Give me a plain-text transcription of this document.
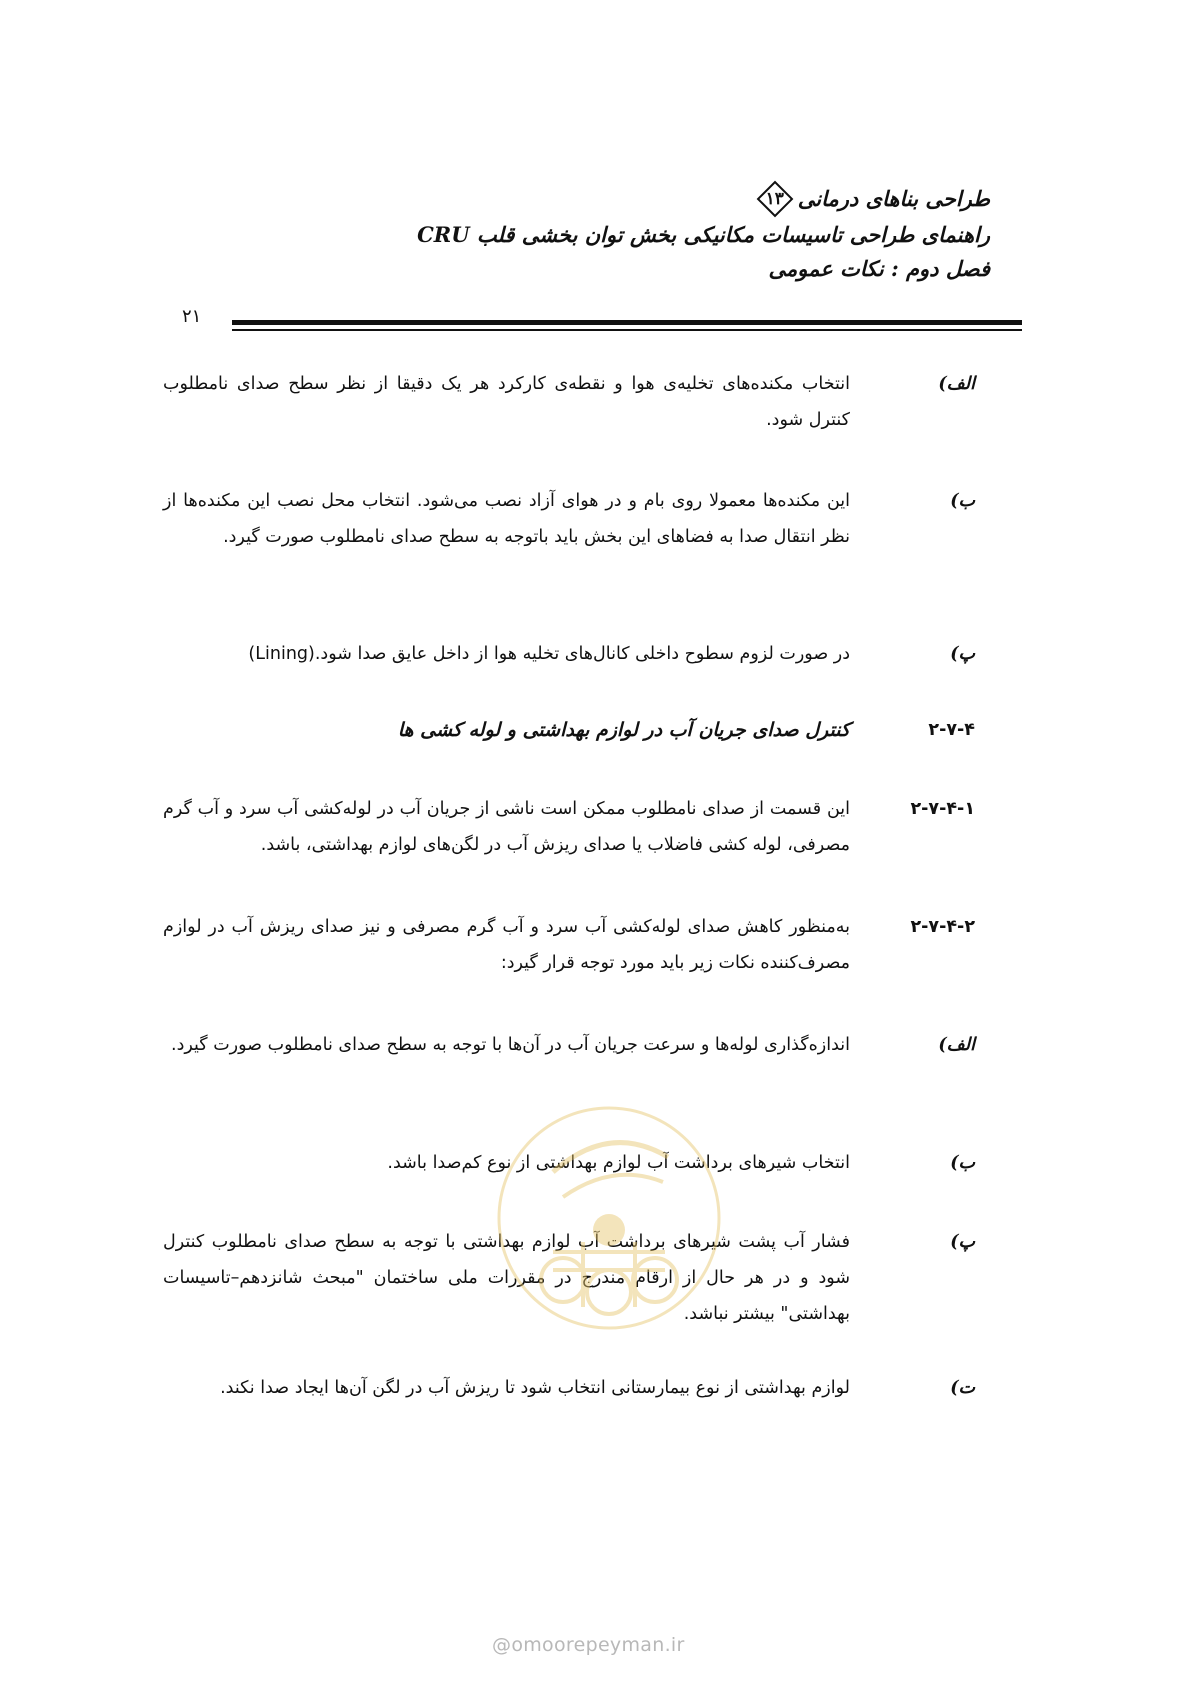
طراحی بناهای درمانی
۱۳
راهنمای طراحی تاسیسات مکانیکی بخش توان بخشی قلب CRU
فصل دوم : نکات عمومی
۲۱
الف)
انتخاب مکنده‌های تخلیه‌ی هوا و نقطه‌ی کارکرد هر یک دقیقا از نظر سطح صدای نامطلوب کنترل شود.
ب)
این مکنده‌ها معمولا روی بام و در هوای آزاد نصب می‌شود. انتخاب محل نصب این مکنده‌ها از نظر انتقال صدا به فضاهای این بخش باید باتوجه به سطح صدای نامطلوب صورت گیرد.
پ)
در صورت لزوم سطوح داخلی کانال‌های تخلیه هوا از داخل عایق صدا شود.(Lining)
۲-۷-۴
کنترل صدای جریان آب در لوازم بهداشتی و لوله کشی ها
۲-۷-۴-۱
این قسمت از صدای نامطلوب ممکن است ناشی از جریان آب در لوله‌کشی آب سرد و آب گرم مصرفی، لوله کشی فاضلاب یا صدای ریزش آب در لگن‌های لوازم بهداشتی، باشد.
۲-۷-۴-۲
به‌منظور کاهش صدای لوله‌کشی آب سرد و آب گرم مصرفی و نیز صدای ریزش آب در لوازم مصرف‌کننده نکات زیر باید مورد توجه قرار گیرد:
الف)
اندازه‌گذاری لوله‌ها و سرعت جریان آب در آن‌ها با توجه به سطح صدای نامطلوب صورت گیرد.
ب)
انتخاب شیرهای برداشت آب لوازم بهداشتی از نوع کم‌صدا باشد.
پ)
فشار آب پشت شیرهای برداشت آب لوازم بهداشتی با توجه به سطح صدای نامطلوب کنترل شود و در هر حال از ارقام مندرج در مقررات ملی ساختمان "مبحث شانزدهم–تاسیسات بهداشتی" بیشتر نباشد.
ت)
لوازم بهداشتی از نوع بیمارستانی انتخاب شود تا ریزش آب در لگن آن‌ها ایجاد صدا نکند.
@omoorepeyman.ir
